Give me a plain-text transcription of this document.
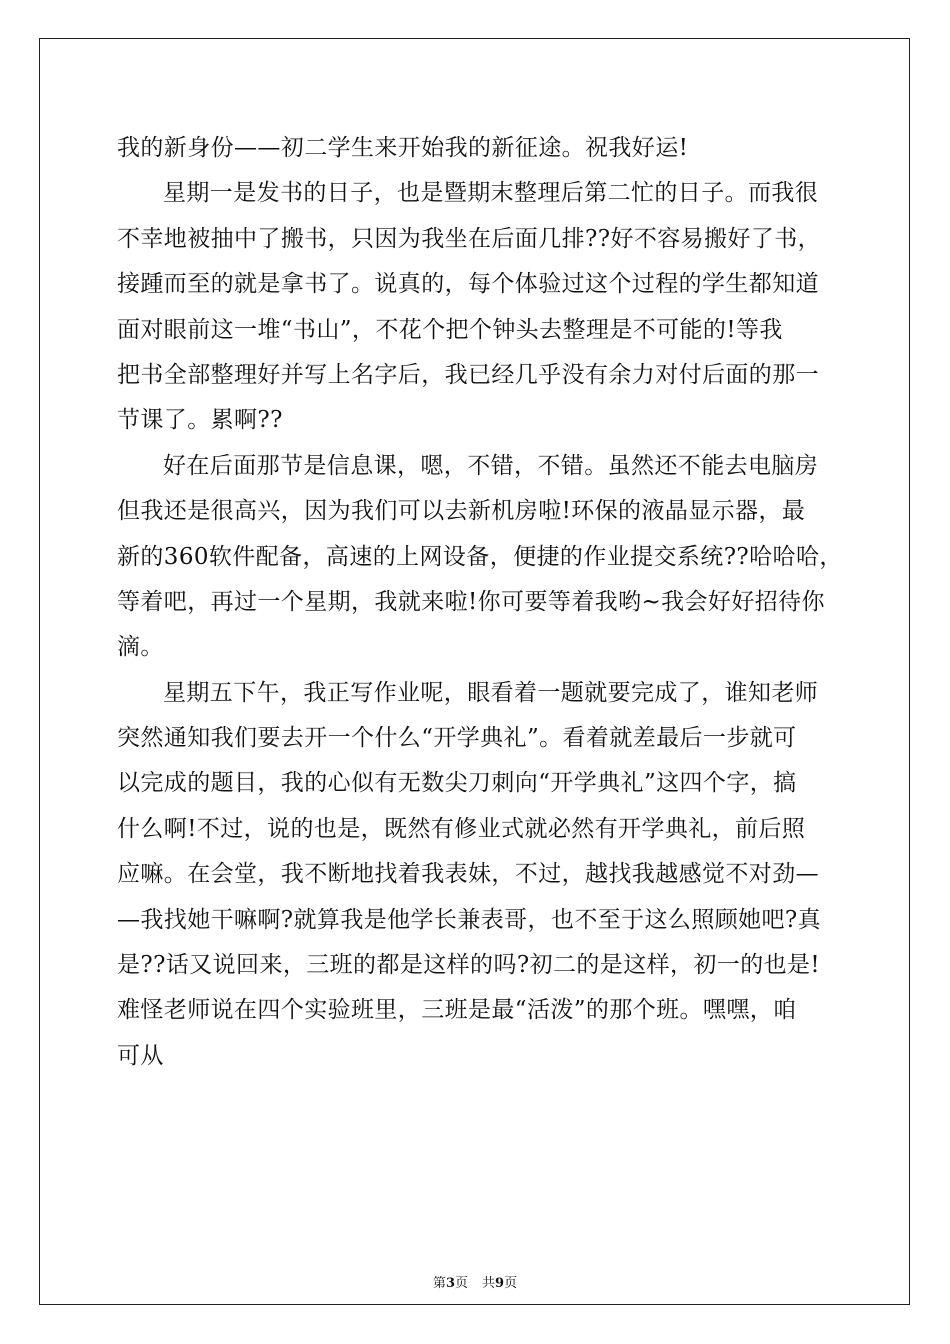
我的新身份——初二学生来开始我的新征途。祝我好运!
星期一是发书的日子，也是暨期末整理后第二忙的日子。而我很
不幸地被抽中了搬书，只因为我坐在后面几排??好不容易搬好了书，
接踵而至的就是拿书了。说真的，每个体验过这个过程的学生都知道
面对眼前这一堆“书山”，不花个把个钟头去整理是不可能的!等我
把书全部整理好并写上名字后，我已经几乎没有余力对付后面的那一
节课了。累啊??
好在后面那节是信息课，嗯，不错，不错。虽然还不能去电脑房
但我还是很高兴，因为我们可以去新机房啦!环保的液晶显示器，最
新的360软件配备，高速的上网设备，便捷的作业提交系统??哈哈哈，
等着吧，再过一个星期，我就来啦!你可要等着我哟~我会好好招待你
滴。
星期五下午，我正写作业呢，眼看着一题就要完成了，谁知老师
突然通知我们要去开一个什么“开学典礼”。看着就差最后一步就可
以完成的题目，我的心似有无数尖刀刺向“开学典礼”这四个字，搞
什么啊!不过，说的也是，既然有修业式就必然有开学典礼，前后照
应嘛。在会堂，我不断地找着我表妹，不过，越找我越感觉不对劲—
—我找她干嘛啊?就算我是他学长兼表哥，也不至于这么照顾她吧?真
是??话又说回来，三班的都是这样的吗?初二的是这样，初一的也是!
难怪老师说在四个实验班里，三班是最“活泼”的那个班。嘿嘿，咱
可从
第3页 共9页
